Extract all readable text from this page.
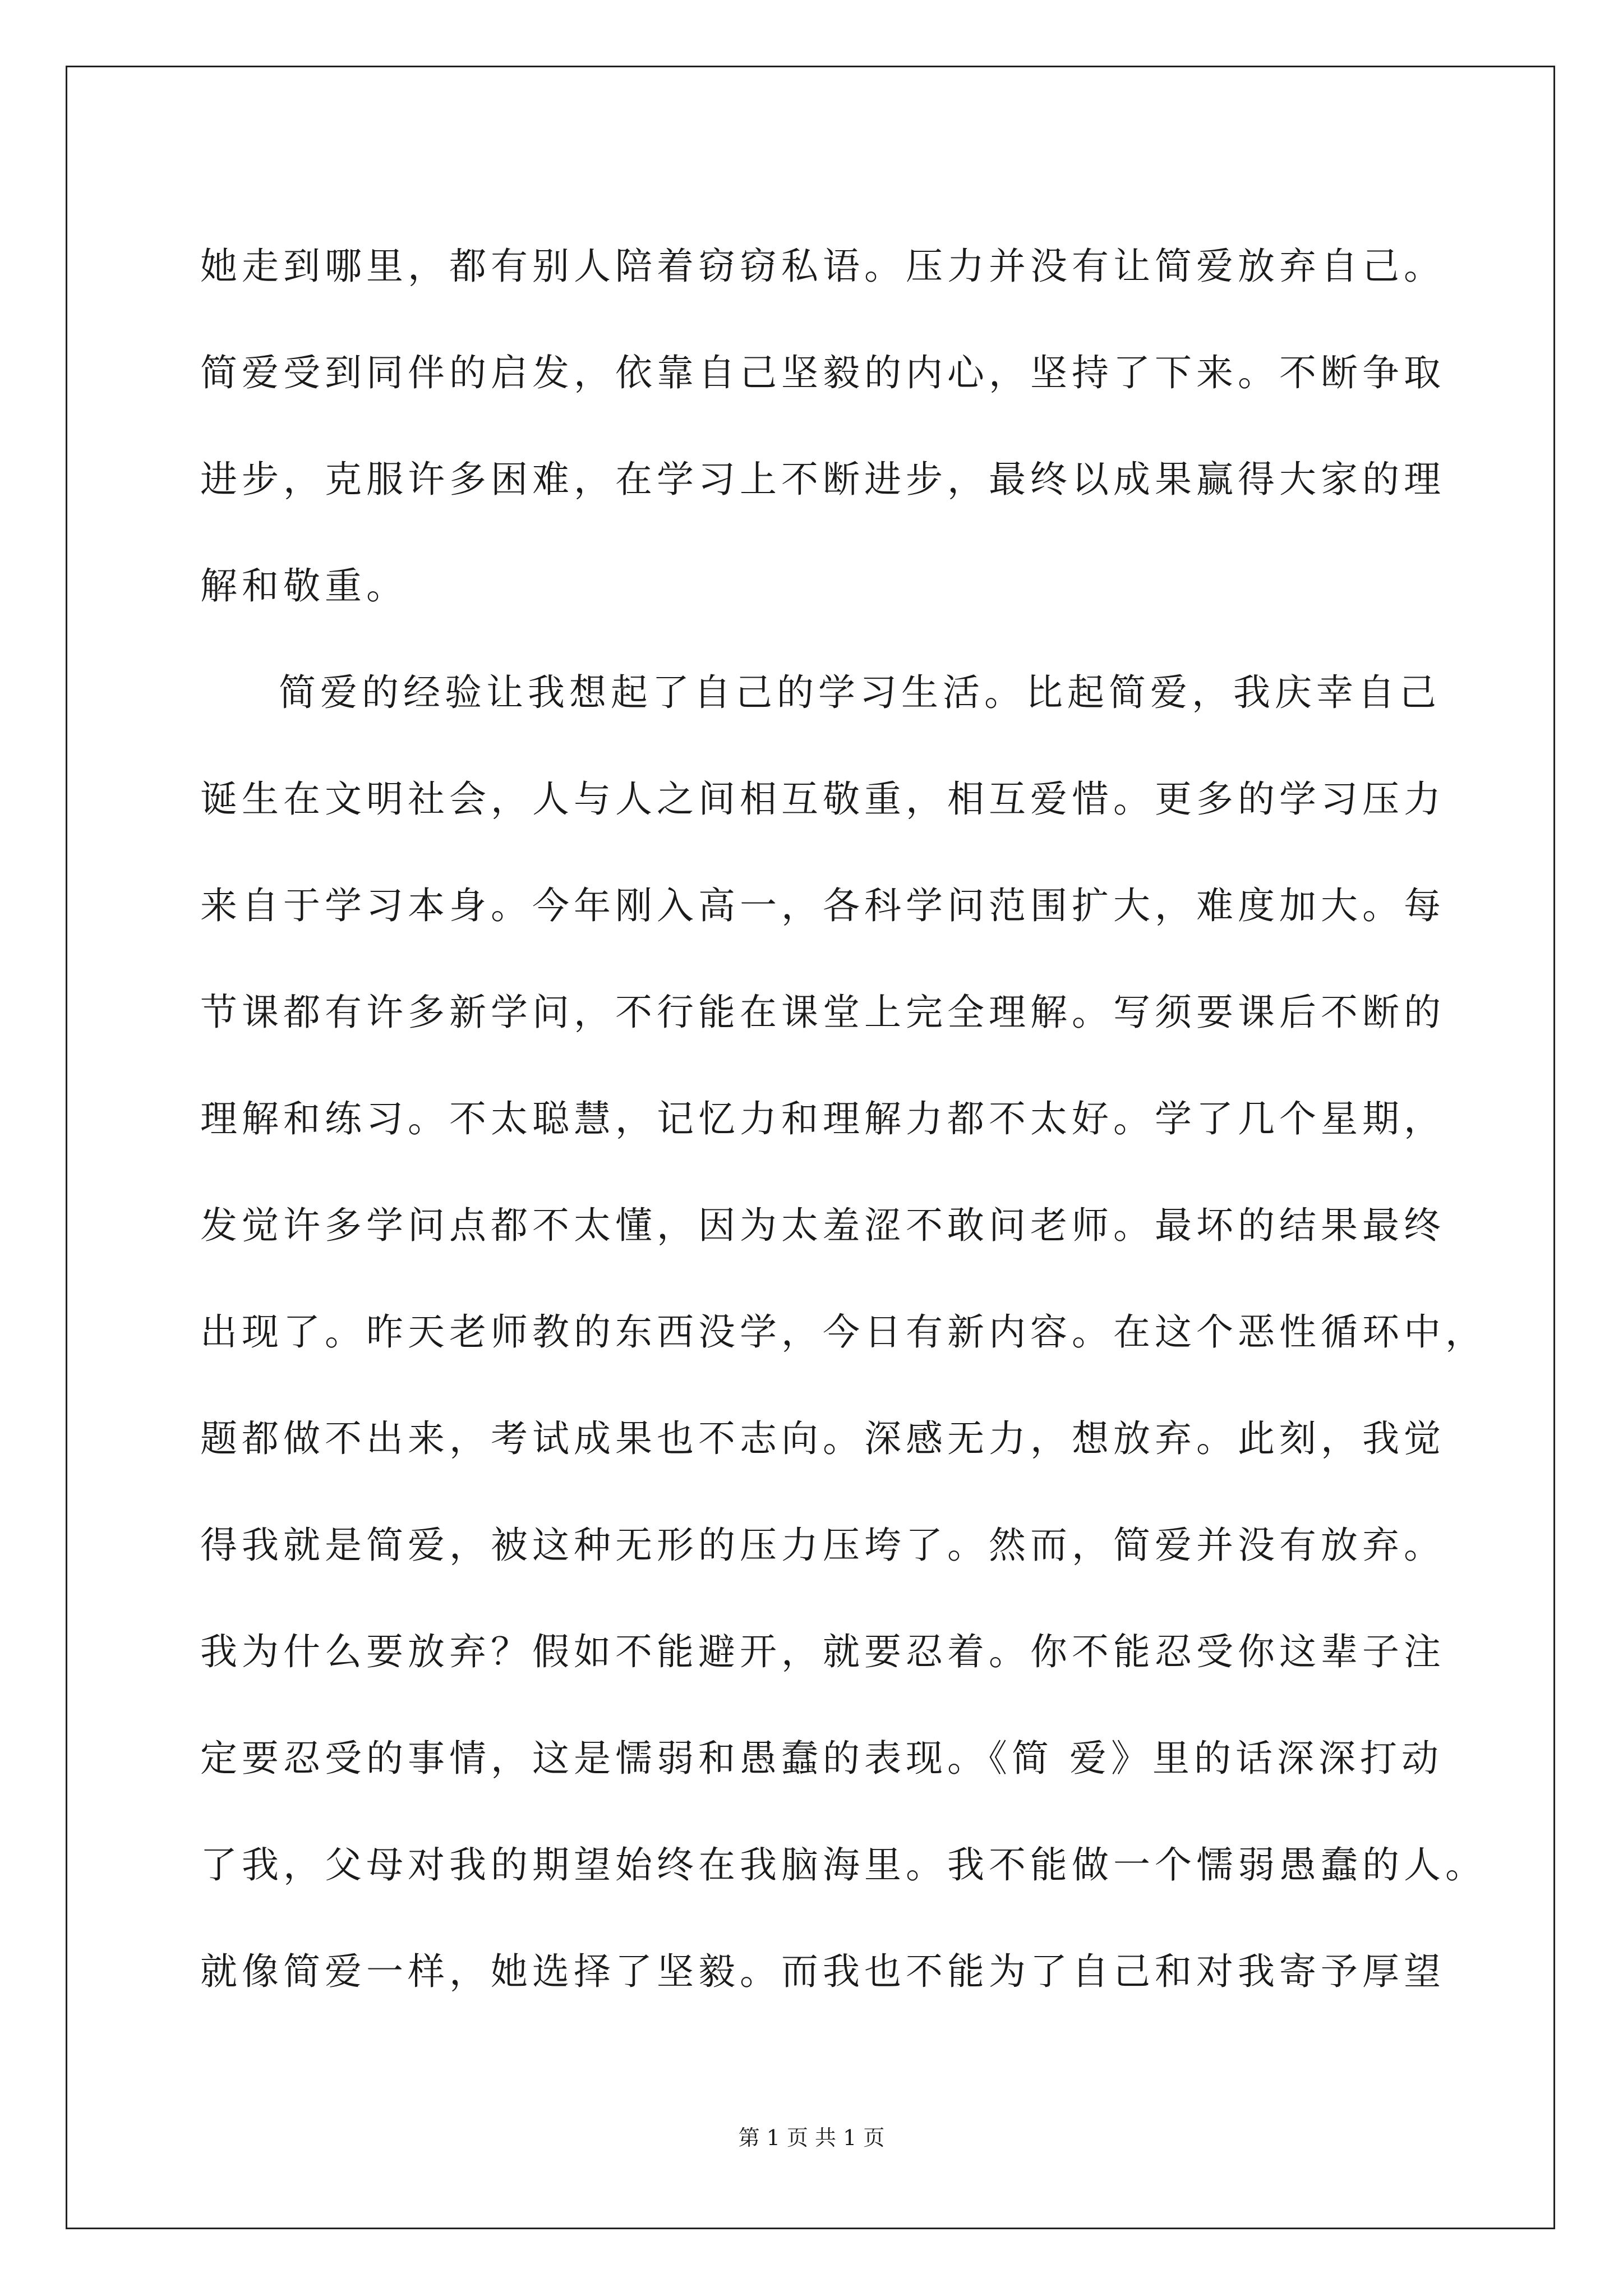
她走到哪里，都有别人陪着窃窃私语。压力并没有让简爱放弃自己。
简爱受到同伴的启发，依靠自己坚毅的内心，坚持了下来。不断争取
进步，克服许多困难，在学习上不断进步，最终以成果赢得大家的理
解和敬重。
简爱的经验让我想起了自己的学习生活。比起简爱，我庆幸自己
诞生在文明社会，人与人之间相互敬重，相互爱惜。更多的学习压力
来自于学习本身。今年刚入高一，各科学问范围扩大，难度加大。每
节课都有许多新学问，不行能在课堂上完全理解。写须要课后不断的
理解和练习。不太聪慧，记忆力和理解力都不太好。学了几个星期，
发觉许多学问点都不太懂，因为太羞涩不敢问老师。最坏的结果最终
出现了。昨天老师教的东西没学，今日有新内容。在这个恶性循环中，
题都做不出来，考试成果也不志向。深感无力，想放弃。此刻，我觉
得我就是简爱，被这种无形的压力压垮了。然而，简爱并没有放弃。
我为什么要放弃？假如不能避开，就要忍着。你不能忍受你这辈子注
定要忍受的事情，这是懦弱和愚蠢的表现。《简 爱》里的话深深打动
了我，父母对我的期望始终在我脑海里。我不能做一个懦弱愚蠢的人。
就像简爱一样，她选择了坚毅。而我也不能为了自己和对我寄予厚望
第 1 页 共 1 页
